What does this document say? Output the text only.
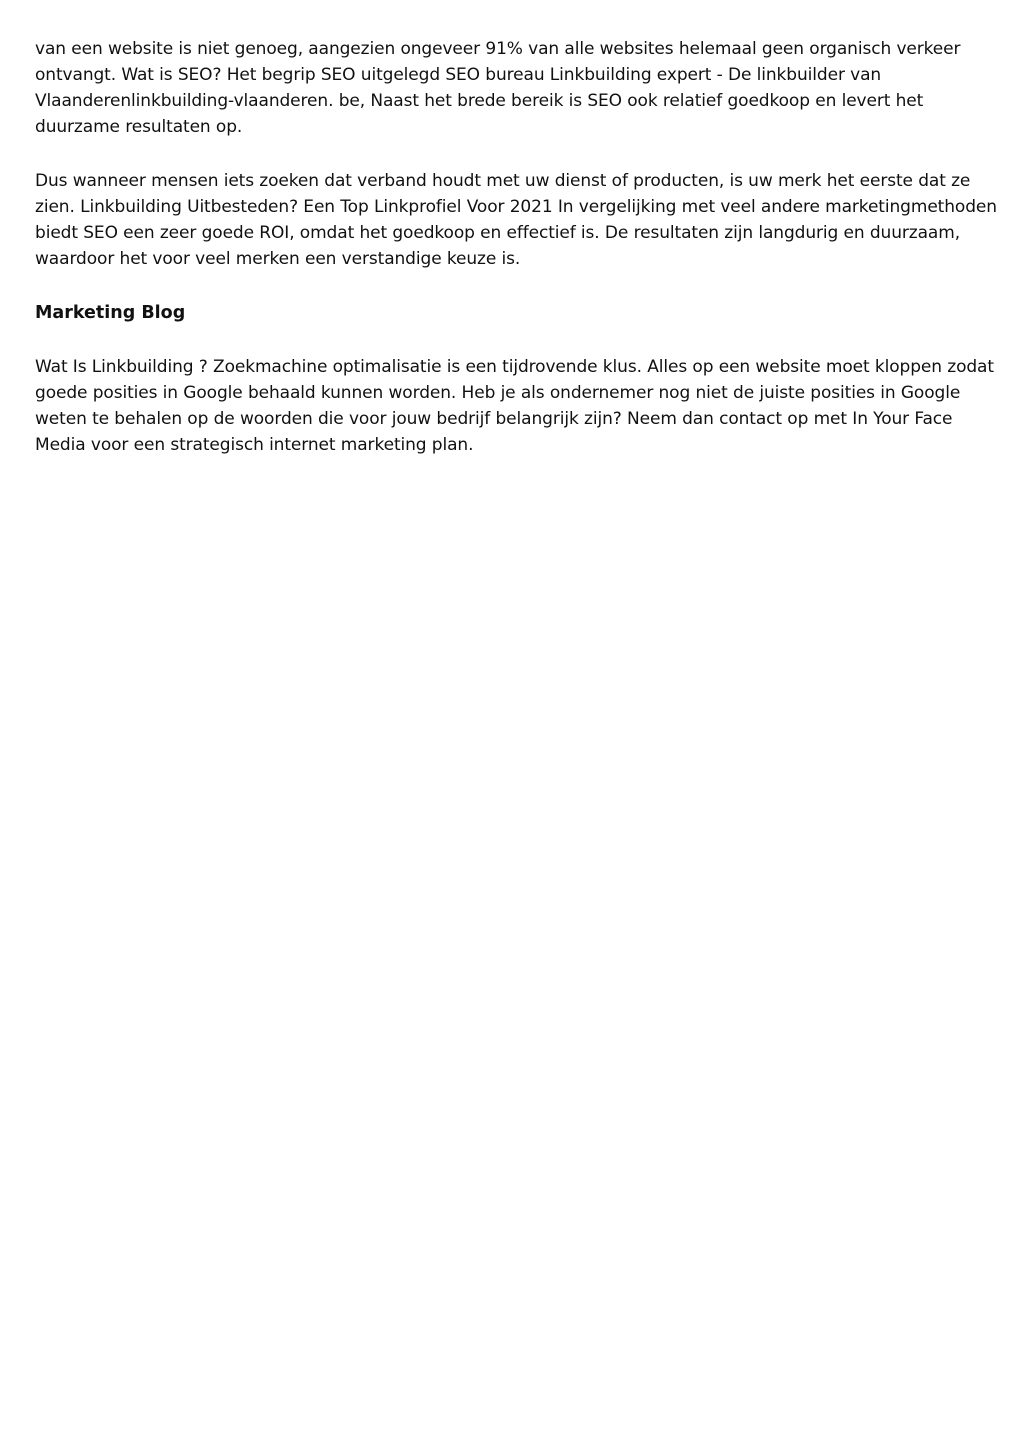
van een website is niet genoeg, aangezien ongeveer 91% van alle websites helemaal geen organisch verkeer
ontvangt. Wat is SEO? Het begrip SEO uitgelegd SEO bureau Linkbuilding expert - De linkbuilder van
Vlaanderenlinkbuilding-vlaanderen. be, Naast het brede bereik is SEO ook relatief goedkoop en levert het
duurzame resultaten op.

Dus wanneer mensen iets zoeken dat verband houdt met uw dienst of producten, is uw merk het eerste dat ze
zien. Linkbuilding Uitbesteden? Een Top Linkprofiel Voor 2021 In vergelijking met veel andere marketingmethoden
biedt SEO een zeer goede ROI, omdat het goedkoop en effectief is. De resultaten zijn langdurig en duurzaam,
waardoor het voor veel merken een verstandige keuze is.

Marketing Blog

Wat Is Linkbuilding ? Zoekmachine optimalisatie is een tijdrovende klus. Alles op een website moet kloppen zodat
goede posities in Google behaald kunnen worden. Heb je als ondernemer nog niet de juiste posities in Google
weten te behalen op de woorden die voor jouw bedrijf belangrijk zijn? Neem dan contact op met In Your Face
Media voor een strategisch internet marketing plan.
